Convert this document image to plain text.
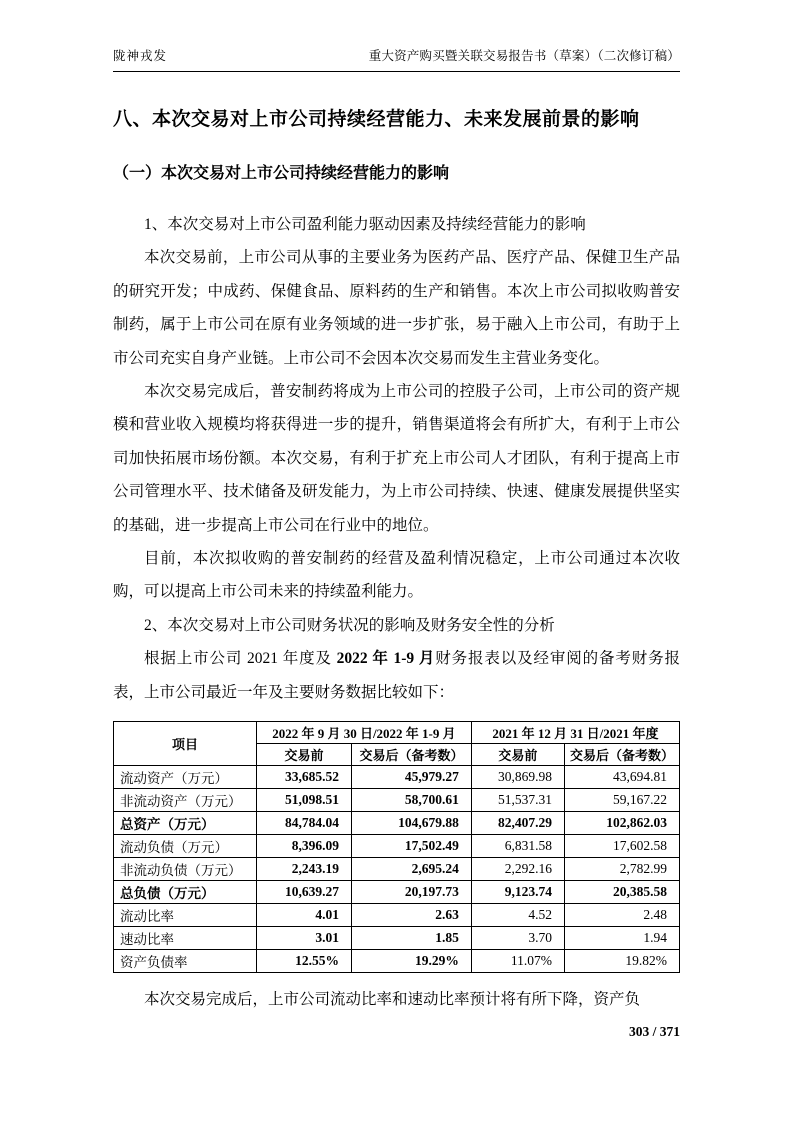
陇神戎发	重大资产购买暨关联交易报告书（草案）（二次修订稿）
八、本次交易对上市公司持续经营能力、未来发展前景的影响
（一）本次交易对上市公司持续经营能力的影响

1、本次交易对上市公司盈利能力驱动因素及持续经营能力的影响

本次交易前，上市公司从事的主要业务为医药产品、医疗产品、保健卫生产品的研究开发；中成药、保健食品、原料药的生产和销售。本次上市公司拟收购普安制药，属于上市公司在原有业务领域的进一步扩张，易于融入上市公司，有助于上市公司充实自身产业链。上市公司不会因本次交易而发生主营业务变化。

本次交易完成后，普安制药将成为上市公司的控股子公司，上市公司的资产规模和营业收入规模均将获得进一步的提升，销售渠道将会有所扩大，有利于上市公司加快拓展市场份额。本次交易，有利于扩充上市公司人才团队，有利于提高上市公司管理水平、技术储备及研发能力，为上市公司持续、快速、健康发展提供坚实的基础，进一步提高上市公司在行业中的地位。

目前，本次拟收购的普安制药的经营及盈利情况稳定，上市公司通过本次收购，可以提高上市公司未来的持续盈利能力。

2、本次交易对上市公司财务状况的影响及财务安全性的分析

根据上市公司 2021 年度及 2022 年 1-9 月财务报表以及经审阅的备考财务报表，上市公司最近一年及主要财务数据比较如下：

项目	2022 年 9 月 30 日/2022 年 1-9 月		2021 年 12 月 31 日/2021 年度	
	交易前	交易后（备考数）	交易前	交易后（备考数）
流动资产（万元）	33,685.52	45,979.27	30,869.98	43,694.81
非流动资产（万元）	51,098.51	58,700.61	51,537.31	59,167.22
总资产（万元）	84,784.04	104,679.88	82,407.29	102,862.03
流动负债（万元）	8,396.09	17,502.49	6,831.58	17,602.58
非流动负债（万元）	2,243.19	2,695.24	2,292.16	2,782.99
总负债（万元）	10,639.27	20,197.73	9,123.74	20,385.58
流动比率	4.01	2.63	4.52	2.48
速动比率	3.01	1.85	3.70	1.94
资产负债率	12.55%	19.29%	11.07%	19.82%

本次交易完成后，上市公司流动比率和速动比率预计将有所下降，资产负

303 / 371
